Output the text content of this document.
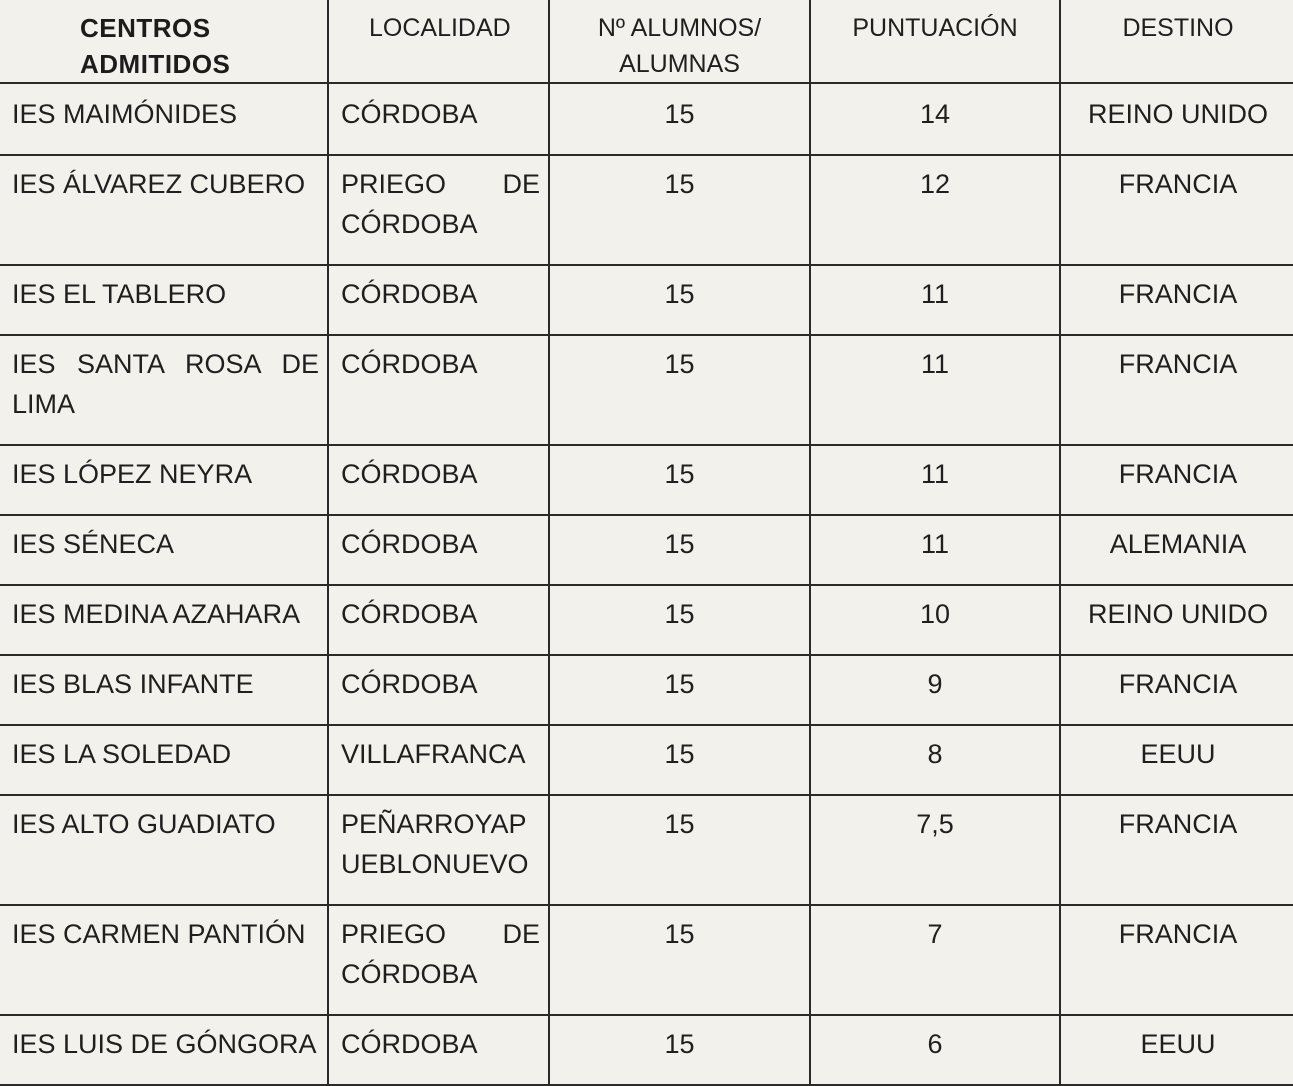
CENTROS ADMITIDOS	LOCALIDAD	Nº ALUMNOS/ ALUMNAS	PUNTUACIÓN	DESTINO
IES MAIMÓNIDES	CÓRDOBA	15	14	REINO UNIDO
IES ÁLVAREZ CUBERO	PRIEGO DE CÓRDOBA	15	12	FRANCIA
IES EL TABLERO	CÓRDOBA	15	11	FRANCIA
IES SANTA ROSA DE LIMA	CÓRDOBA	15	11	FRANCIA
IES LÓPEZ NEYRA	CÓRDOBA	15	11	FRANCIA
IES SÉNECA	CÓRDOBA	15	11	ALEMANIA
IES MEDINA AZAHARA	CÓRDOBA	15	10	REINO UNIDO
IES BLAS INFANTE	CÓRDOBA	15	9	FRANCIA
IES LA SOLEDAD	VILLAFRANCA	15	8	EEUU
IES ALTO GUADIATO	PEÑARROYAPUEBLONUEVO	15	7,5	FRANCIA
IES CARMEN PANTIÓN	PRIEGO DE CÓRDOBA	15	7	FRANCIA
IES LUIS DE GÓNGORA	CÓRDOBA	15	6	EEUU
